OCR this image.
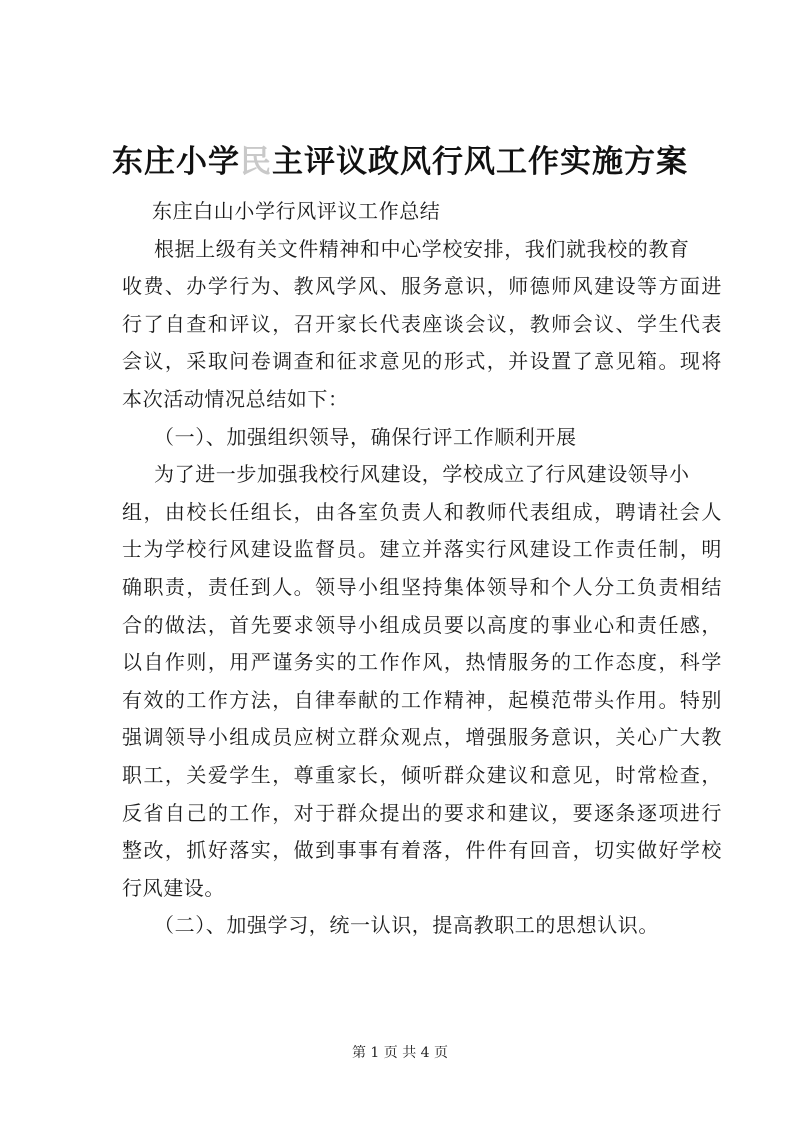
东庄小学民主评议政风行风工作实施方案
东庄白山小学行风评议工作总结
根据上级有关文件精神和中心学校安排，我们就我校的教育
收费、办学行为、教风学风、服务意识，师德师风建设等方面进
行了自查和评议，召开家长代表座谈会议，教师会议、学生代表
会议，采取问卷调查和征求意见的形式，并设置了意见箱。现将
本次活动情况总结如下：
（一）、加强组织领导，确保行评工作顺利开展
为了进一步加强我校行风建设，学校成立了行风建设领导小
组，由校长任组长，由各室负责人和教师代表组成，聘请社会人
士为学校行风建设监督员。建立并落实行风建设工作责任制，明
确职责，责任到人。领导小组坚持集体领导和个人分工负责相结
合的做法，首先要求领导小组成员要以高度的事业心和责任感，
以自作则，用严谨务实的工作作风，热情服务的工作态度，科学
有效的工作方法，自律奉献的工作精神，起模范带头作用。特别
强调领导小组成员应树立群众观点，增强服务意识，关心广大教
职工，关爱学生，尊重家长，倾听群众建议和意见，时常检查，
反省自己的工作，对于群众提出的要求和建议，要逐条逐项进行
整改，抓好落实，做到事事有着落，件件有回音，切实做好学校
行风建设。
（二）、加强学习，统一认识，提高教职工的思想认识。
第 1 页 共 4 页
